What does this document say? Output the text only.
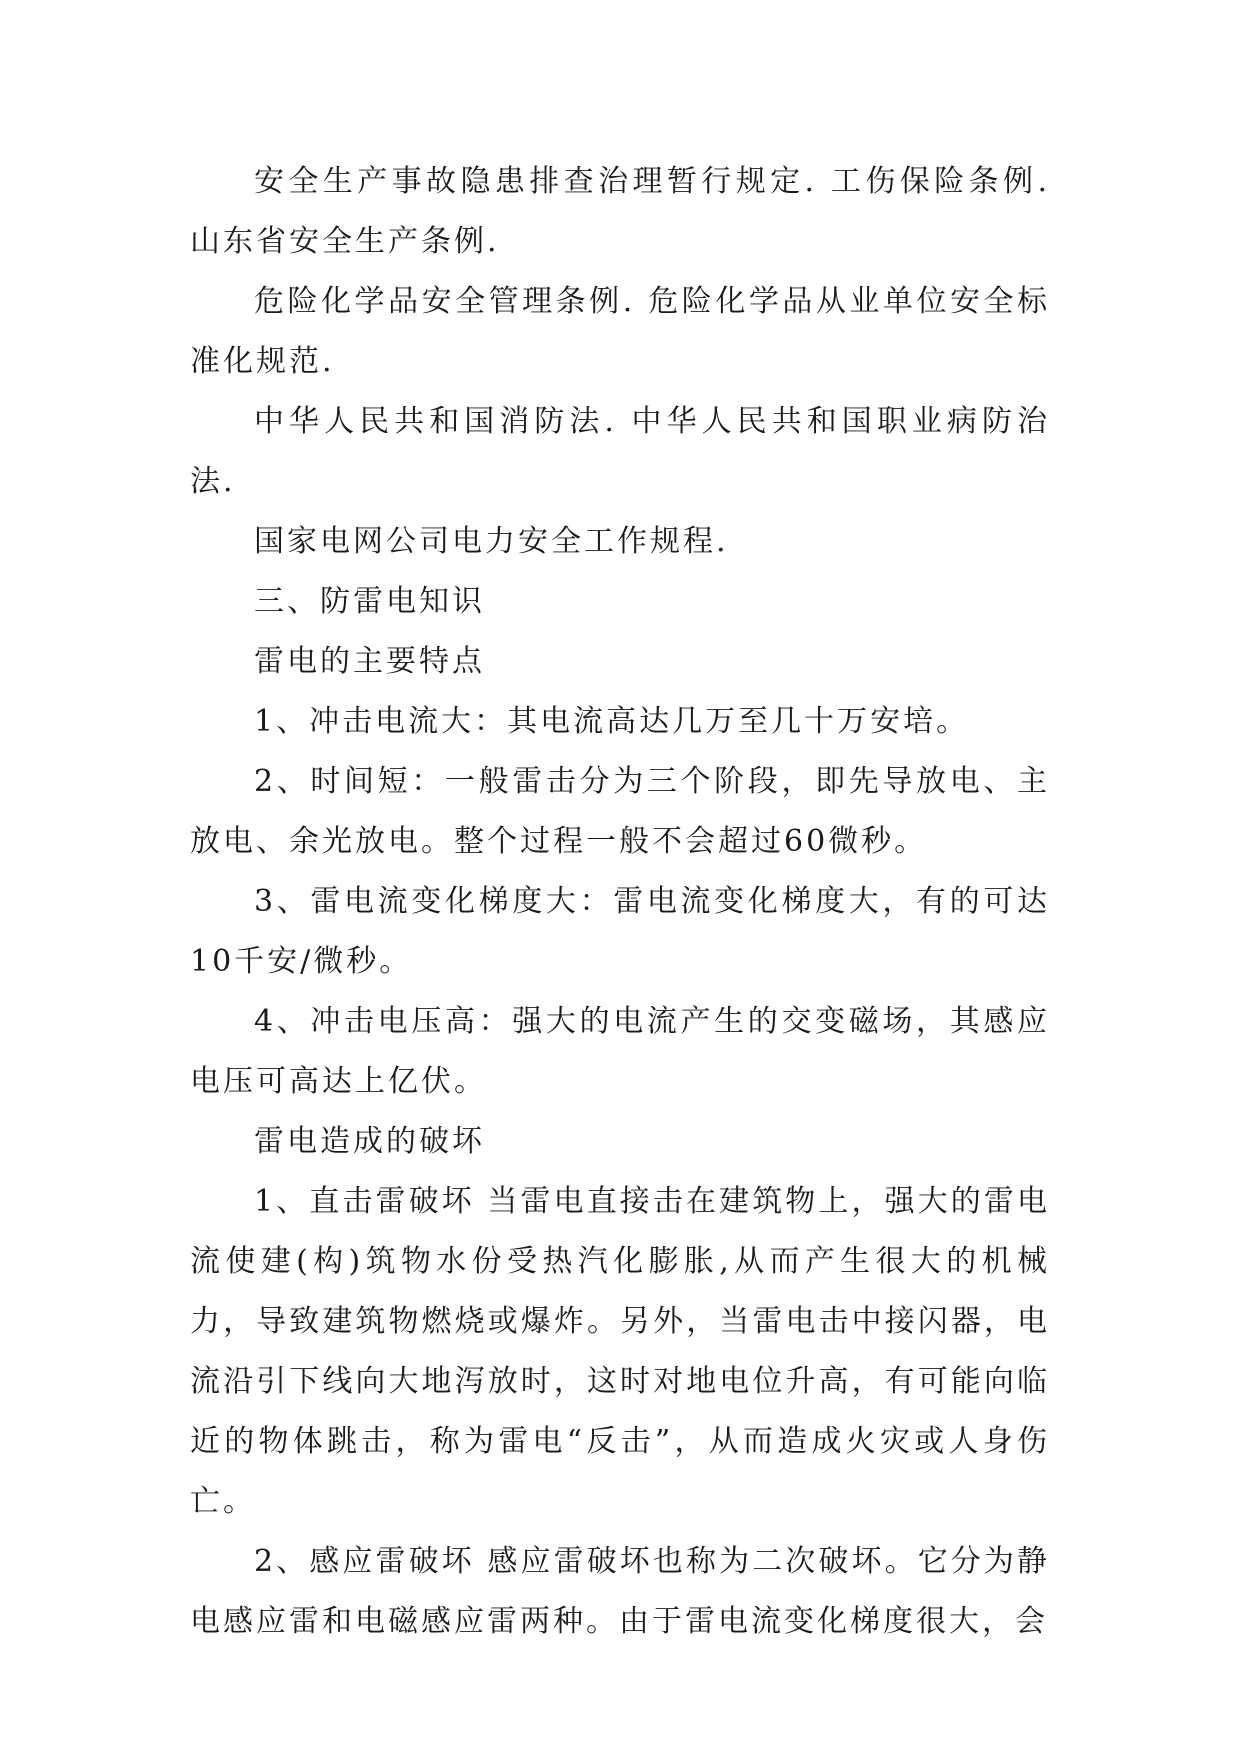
安全生产事故隐患排查治理暂行规定. 工伤保险条例. 山东省安全生产条例.

危险化学品安全管理条例. 危险化学品从业单位安全标准化规范.

中华人民共和国消防法. 中华人民共和国职业病防治法.

国家电网公司电力安全工作规程.

三、防雷电知识

雷电的主要特点

1、冲击电流大：其电流高达几万至几十万安培。

2、时间短：一般雷击分为三个阶段，即先导放电、主放电、余光放电。整个过程一般不会超过60微秒。

3、雷电流变化梯度大：雷电流变化梯度大，有的可达10千安/微秒。

4、冲击电压高：强大的电流产生的交变磁场，其感应电压可高达上亿伏。

雷电造成的破坏

1、直击雷破坏 当雷电直接击在建筑物上，强大的雷电流使建(构)筑物水份受热汽化膨胀,从而产生很大的机械力，导致建筑物燃烧或爆炸。另外，当雷电击中接闪器，电流沿引下线向大地泻放时，这时对地电位升高，有可能向临近的物体跳击，称为雷电“反击”，从而造成火灾或人身伤亡。

2、感应雷破坏 感应雷破坏也称为二次破坏。它分为静电感应雷和电磁感应雷两种。由于雷电流变化梯度很大，会
